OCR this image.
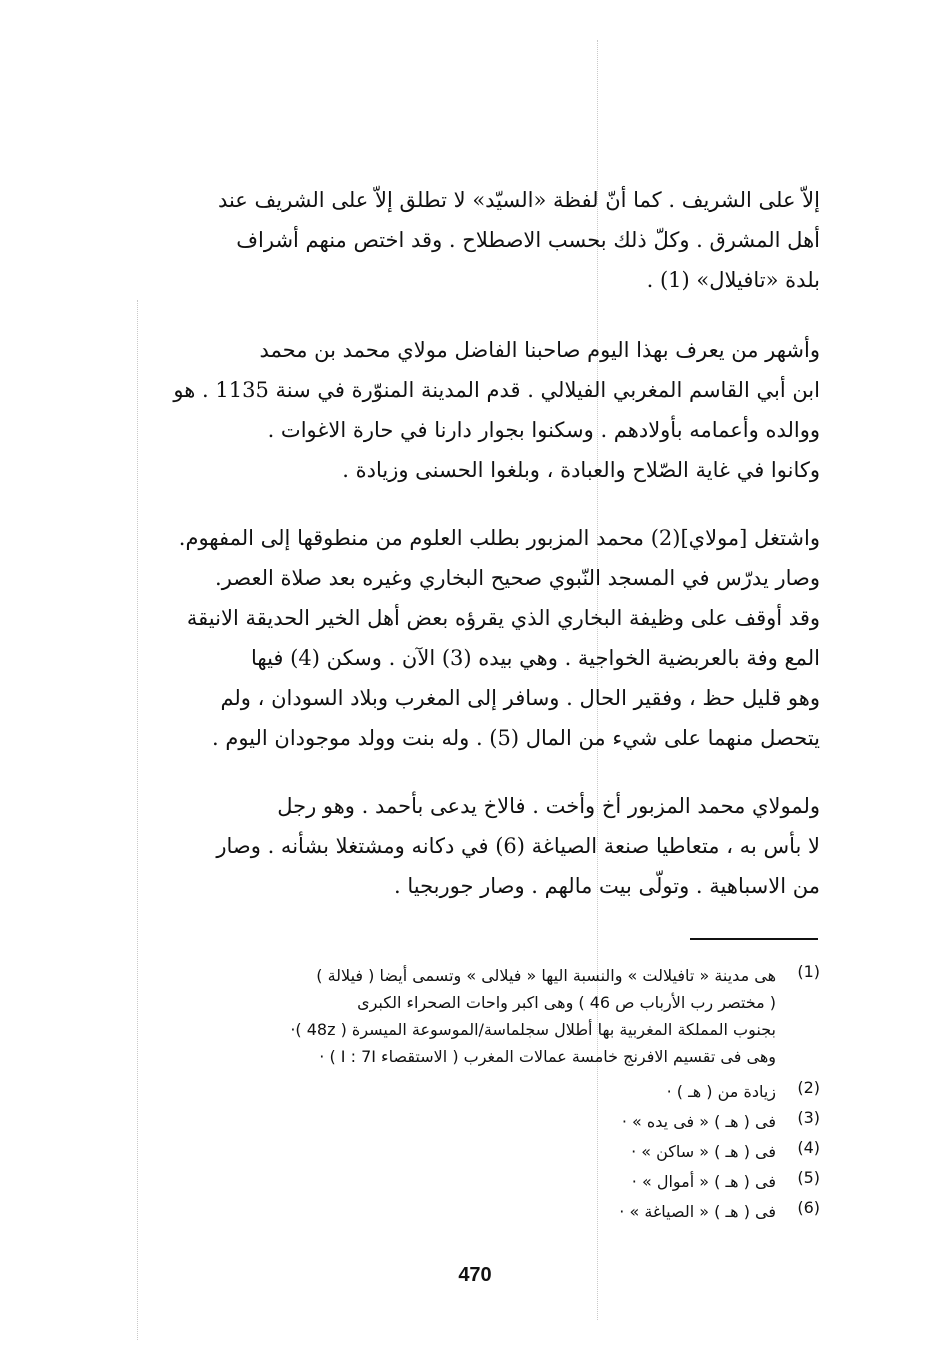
إلاّ على الشريف . كما أنّ لفظة «السيّد» لا تطلق إلاّ على الشريف عند
أهل المشرق . وكلّ ذلك بحسب الاصطلاح . وقد اختص منهم أشراف
بلدة «تافيلال» (1) .
وأشهر من يعرف بهذا اليوم صاحبنا الفاضل مولاي محمد بن محمد
ابن أبي القاسم المغربي الفيلالي . قدم المدينة المنوّرة في سنة 1135 . هو
ووالده وأعمامه بأولادهم . وسكنوا بجوار دارنا في حارة الاغوات .
وكانوا في غاية الصّلاح والعبادة ، وبلغوا الحسنى وزيادة .
واشتغل [مولاي](2) محمد المزبور بطلب العلوم من منطوقها إلى المفهوم.
وصار يدرّس في المسجد النّبوي صحيح البخاري وغيره بعد صلاة العصر.
وقد أوقف على وظيفة البخاري الذي يقرؤه بعض أهل الخير الحديقة الانيقة
المع وفة بالعربضية الخواجية . وهي بيده (3) الآن . وسكن (4) فيها
وهو قليل حظ ، وفقير الحال . وسافر إلى المغرب وبلاد السودان ، ولم
يتحصل منهما على شيء من المال (5) . وله بنت وولد موجودان اليوم .
ولمولاي محمد المزبور أخ وأخت . فالاخ يدعى بأحمد . وهو رجل
لا بأس به ، متعاطيا صنعة الصياغة (6) في دكانه ومشتغلا بشأنه . وصار
من الاسباهية . وتولّى بيت مالهم . وصار جوربجيا .
(1)
هى مدينة « تافيلالت » والنسبة اليها « فيلالى » وتسمى أيضا ( فيلالة )
( مختصر رب الأرباب ص 46 ) وهى اكبر واحات الصحراء الكبرى
بجنوب المملكة المغربية بها أطلال سجلماسة/الموسوعة الميسرة ( 48z )·
وهى فى تقسيم الافرنج خامسة عمالات المغرب ( الاستقصاء I : 7I ) ·
(2)
زيادة من ( هـ ) ·
(3)
فى ( هـ ) « فى يده » ·
(4)
فى ( هـ ) « ساكن » ·
(5)
فى ( هـ ) « أموال » ·
(6)
فى ( هـ ) « الصياغة » ·
470
